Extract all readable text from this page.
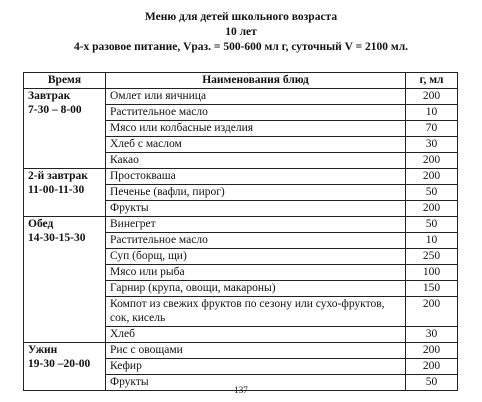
Меню для детей школьного возраста
10 лет
4-х разовое питание, Vраз. = 500-600 мл г, суточный V = 2100 мл.
Время	Наименования блюд	г, мл

Завтрак
7-30 – 8-00	Омлет или яичница	200
	Растительное масло	10
	Мясо или колбасные изделия	70
	Хлеб с маслом	30
	Какао	200

2-й завтрак
11-00-11-30	Простокваша	200
	Печенье (вафли, пирог)	50
	Фрукты	200

Обед
14-30-15-30	Винегрет	50
	Растительное масло	10
	Суп (борщ, щи)	250
	Мясо или рыба	100
	Гарнир (крупа, овощи, макароны)	150
	Компот из свежих фруктов по сезону или сухо-фруктов, сок, кисель	200
	Хлеб	30

Ужин
19-30 –20-00	Рис с овощами	200
	Кефир	200
	Фрукты	50
137
